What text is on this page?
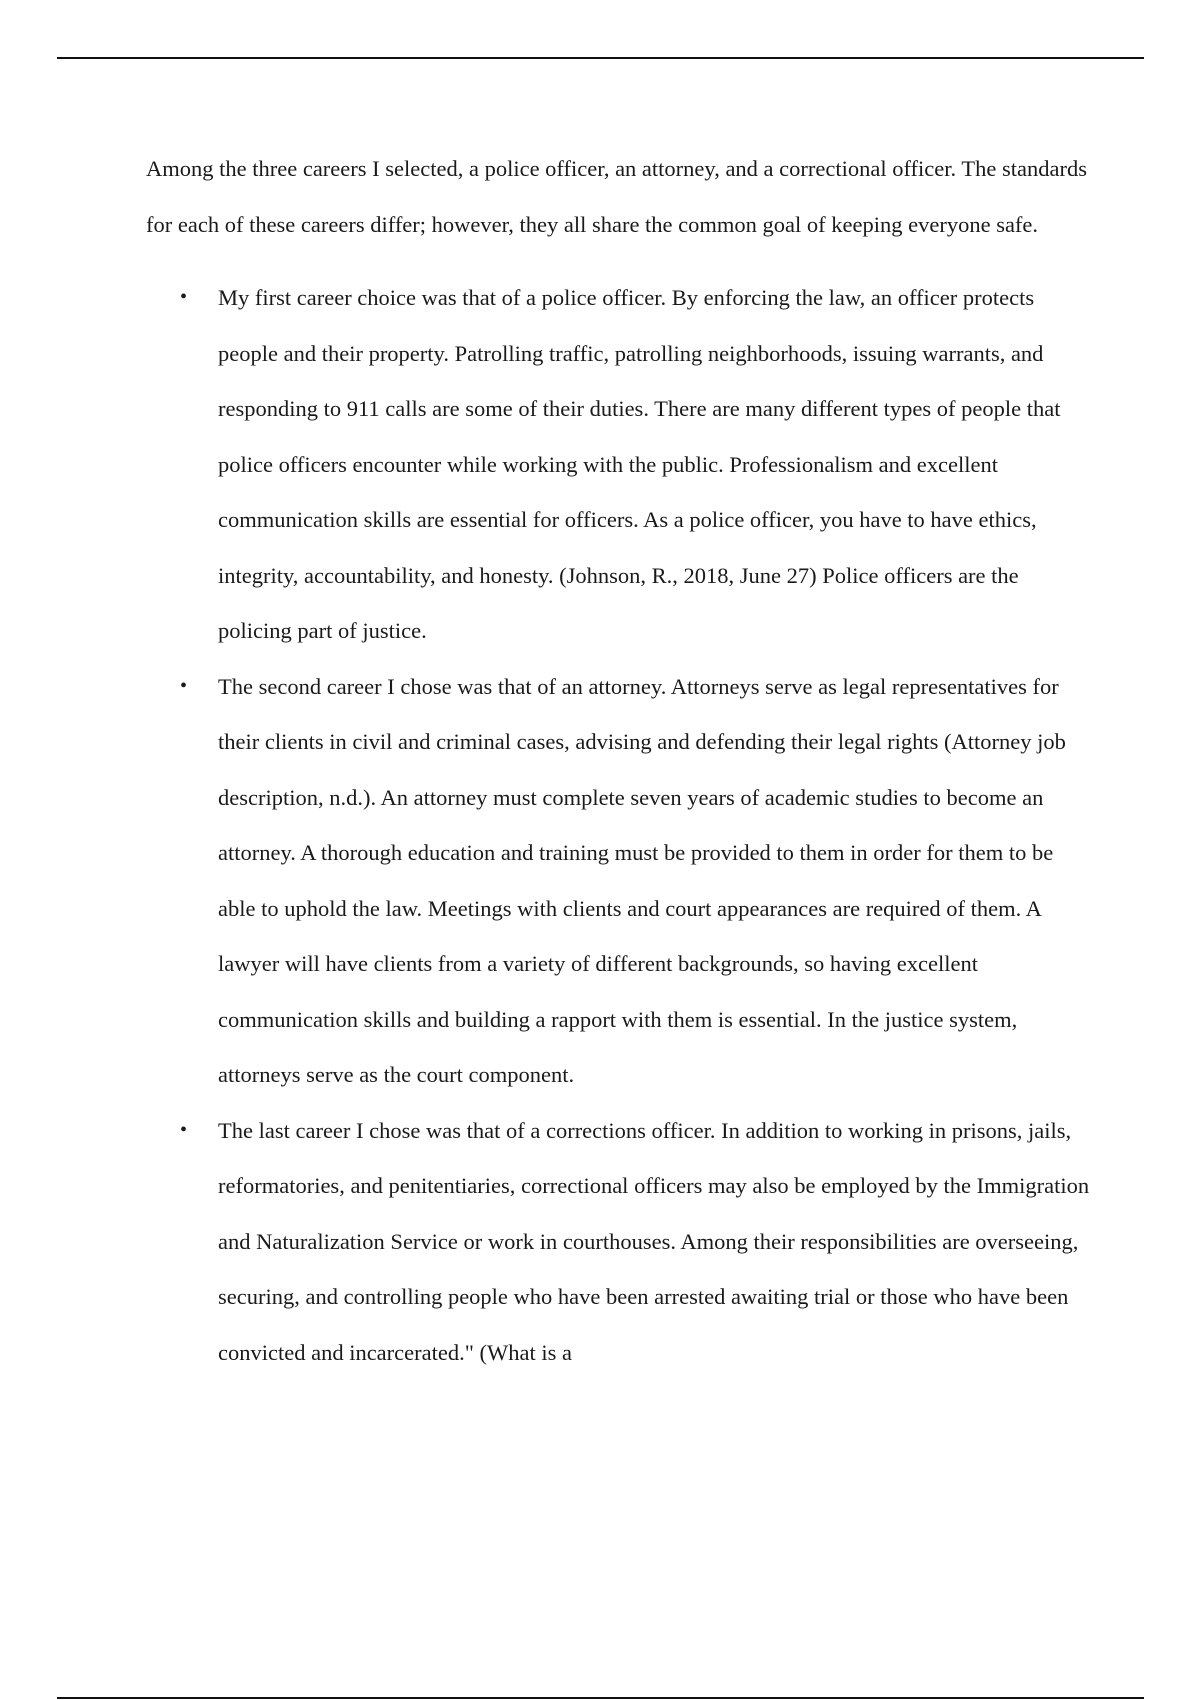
Among the three careers I selected, a police officer, an attorney, and a correctional officer. The standards for each of these careers differ; however, they all share the common goal of keeping everyone safe.

• My first career choice was that of a police officer. By enforcing the law, an officer protects people and their property. Patrolling traffic, patrolling neighborhoods, issuing warrants, and responding to 911 calls are some of their duties. There are many different types of people that police officers encounter while working with the public. Professionalism and excellent communication skills are essential for officers. As a police officer, you have to have ethics, integrity, accountability, and honesty. (Johnson, R., 2018, June 27) Police officers are the policing part of justice.
• The second career I chose was that of an attorney. Attorneys serve as legal representatives for their clients in civil and criminal cases, advising and defending their legal rights (Attorney job description, n.d.). An attorney must complete seven years of academic studies to become an attorney. A thorough education and training must be provided to them in order for them to be able to uphold the law. Meetings with clients and court appearances are required of them. A lawyer will have clients from a variety of different backgrounds, so having excellent communication skills and building a rapport with them is essential. In the justice system, attorneys serve as the court component.
• The last career I chose was that of a corrections officer. In addition to working in prisons, jails, reformatories, and penitentiaries, correctional officers may also be employed by the Immigration and Naturalization Service or work in courthouses. Among their responsibilities are overseeing, securing, and controlling people who have been arrested awaiting trial or those who have been convicted and incarcerated." (What is a
